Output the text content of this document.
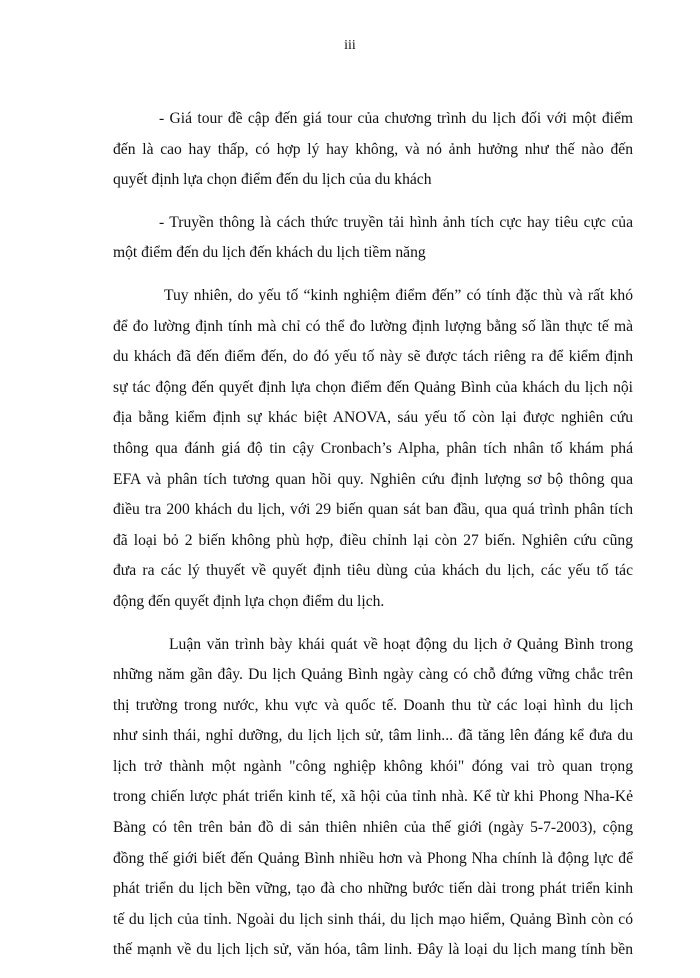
iii
- Giá tour đề cập đến giá tour của chương trình du lịch đối với một điểm
đến là cao hay thấp, có hợp lý hay không, và nó ảnh hưởng như thế nào đến
quyết định lựa chọn điểm đến du lịch của du khách
- Truyền thông là cách thức truyền tải hình ảnh tích cực hay tiêu cực của
một điểm đến du lịch đến khách du lịch tiềm năng
Tuy nhiên, do yếu tố “kinh nghiệm điểm đến” có tính đặc thù và rất khó
để đo lường định tính mà chỉ có thể đo lường định lượng bằng số lần thực tế mà
du khách đã đến điểm đến, do đó yếu tố này sẽ được tách riêng ra để kiểm định
sự tác động đến quyết định lựa chọn điểm đến Quảng Bình của khách du lịch nội
địa bằng kiểm định sự khác biệt ANOVA, sáu yếu tố còn lại được nghiên cứu
thông qua đánh giá độ tin cậy Cronbach’s Alpha, phân tích nhân tố khám phá
EFA và phân tích tương quan hồi quy. Nghiên cứu định lượng sơ bộ thông qua
điều tra 200 khách du lịch, với 29 biến quan sát ban đầu, qua quá trình phân tích
đã loại bỏ 2 biến không phù hợp, điều chỉnh lại còn 27 biến. Nghiên cứu cũng
đưa ra các lý thuyết về quyết định tiêu dùng của khách du lịch, các yếu tố tác
động đến quyết định lựa chọn điểm du lịch.
Luận văn trình bày khái quát về hoạt động du lịch ở Quảng Bình trong
những năm gần đây. Du lịch Quảng Bình ngày càng có chỗ đứng vững chắc trên
thị trường trong nước, khu vực và quốc tế. Doanh thu từ các loại hình du lịch
như sinh thái, nghỉ dưỡng, du lịch lịch sử, tâm linh... đã tăng lên đáng kể đưa du
lịch trở thành một ngành "công nghiệp không khói" đóng vai trò quan trọng
trong chiến lược phát triển kinh tế, xã hội của tỉnh nhà. Kể từ khi Phong Nha-Kẻ
Bàng có tên trên bản đồ di sản thiên nhiên của thế giới (ngày 5-7-2003), cộng
đồng thế giới biết đến Quảng Bình nhiều hơn và Phong Nha chính là động lực để
phát triển du lịch bền vững, tạo đà cho những bước tiến dài trong phát triển kinh
tế du lịch của tỉnh. Ngoài du lịch sinh thái, du lịch mạo hiểm, Quảng Bình còn có
thế mạnh về du lịch lịch sử, văn hóa, tâm linh. Đây là loại du lịch mang tính bền
